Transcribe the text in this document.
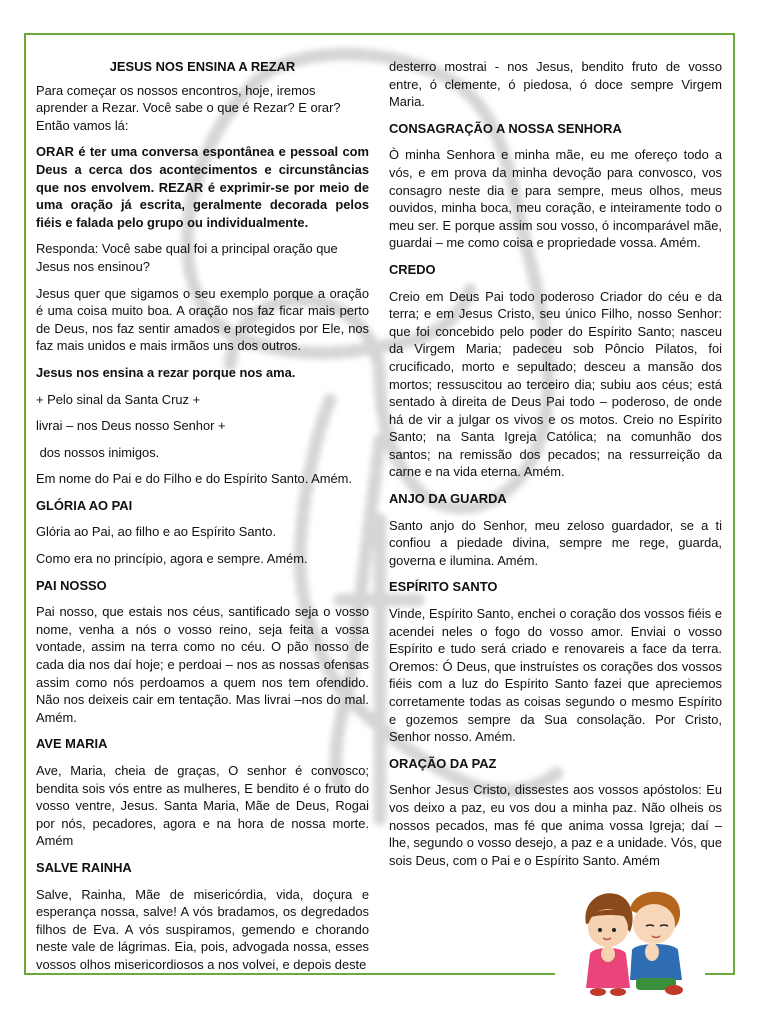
JESUS NOS ENSINA A REZAR

Para começar os nossos encontros, hoje, iremos aprender a Rezar. Você sabe o que é Rezar? E orar? Então vamos lá:

ORAR é ter uma conversa espontânea e pessoal com Deus a cerca dos acontecimentos e circunstâncias que nos envolvem. REZAR é exprimir-se por meio de uma oração já escrita, geralmente decorada pelos fiéis e falada pelo grupo ou individualmente.

Responda: Você sabe qual foi a principal oração que Jesus nos ensinou?

Jesus quer que sigamos o seu exemplo porque a oração é uma coisa muito boa. A oração nos faz ficar mais perto de Deus, nos faz sentir amados e protegidos por Ele, nos faz mais unidos e mais irmãos uns dos outros.

Jesus nos ensina a rezar porque nos ama.

+ Pelo sinal da Santa Cruz +

livrai – nos Deus nosso Senhor +

dos nossos inimigos.

Em nome do Pai e do Filho e do Espírito Santo. Amém.

GLÓRIA AO PAI

Glória ao Pai, ao filho e ao Espírito Santo.

Como era no princípio, agora e sempre. Amém.

PAI NOSSO

Pai nosso, que estais nos céus, santificado seja o vosso nome, venha a nós o vosso reino, seja feita a vossa vontade, assim na terra como no céu. O pão nosso de cada dia nos daí hoje; e perdoai – nos as nossas ofensas assim como nós perdoamos a quem nos tem ofendido. Não nos deixeis cair em tentação. Mas livrai –nos do mal. Amém.

AVE MARIA

Ave, Maria, cheia de graças, O senhor é convosco; bendita sois vós entre as mulheres, E bendito é o fruto do vosso ventre, Jesus. Santa Maria, Mãe de Deus, Rogai por nós, pecadores, agora e na hora de nossa morte. Amém

SALVE RAINHA

Salve, Rainha, Mãe de misericórdia, vida, doçura e esperança nossa, salve! A vós bradamos, os degredados filhos de Eva. A vós suspiramos, gemendo e chorando neste vale de lágrimas. Eia, pois, advogada nossa, esses vossos olhos misericordiosos a nos volvei, e depois deste

desterro mostrai - nos Jesus, bendito fruto de vosso entre, ó clemente, ó piedosa, ó doce sempre Virgem Maria.

CONSAGRAÇÃO A NOSSA SENHORA

Ò minha Senhora e minha mãe, eu me ofereço todo a vós, e em prova da minha devoção para convosco, vos consagro neste dia e para sempre, meus olhos, meus ouvidos, minha boca, meu coração, e inteiramente todo o meu ser. E porque assim sou vosso, ó incomparável mãe, guardai – me como coisa e propriedade vossa. Amém.

CREDO

Creio em Deus Pai todo poderoso Criador do céu e da terra; e em Jesus Cristo, seu único Filho, nosso Senhor: que foi concebido pelo poder do Espírito Santo; nasceu da Virgem Maria; padeceu sob Pôncio Pilatos, foi crucificado, morto e sepultado; desceu a mansão dos mortos; ressuscitou ao terceiro dia; subiu aos céus; está sentado à direita de Deus Pai todo – poderoso, de onde há de vir a julgar os vivos e os motos. Creio no Espírito Santo; na Santa Igreja Católica; na comunhão dos santos; na remissão dos pecados; na ressurreição da carne e na vida eterna. Amém.

ANJO DA GUARDA

Santo anjo do Senhor, meu zeloso guardador, se a ti confiou a piedade divina, sempre me rege, guarda, governa e ilumina. Amém.

ESPÍRITO SANTO

Vinde, Espírito Santo, enchei o coração dos vossos fiéis e acendei neles o fogo do vosso amor. Enviai o vosso Espírito e tudo será criado e renovareis a face da terra. Oremos: Ó Deus, que instruístes os corações dos vossos fiéis com a luz do Espírito Santo fazei que apreciemos corretamente todas as coisas segundo o mesmo Espírito e gozemos sempre da Sua consolação. Por Cristo, Senhor nosso. Amém.

ORAÇÃO DA PAZ

Senhor Jesus Cristo, dissestes aos vossos apóstolos: Eu vos deixo a paz, eu vos dou a minha paz. Não olheis os nossos pecados, mas fé que anima vossa Igreja; daí – lhe, segundo o vosso desejo, a paz e a unidade. Vós, que sois Deus, com o Pai e o Espírito Santo. Amém
